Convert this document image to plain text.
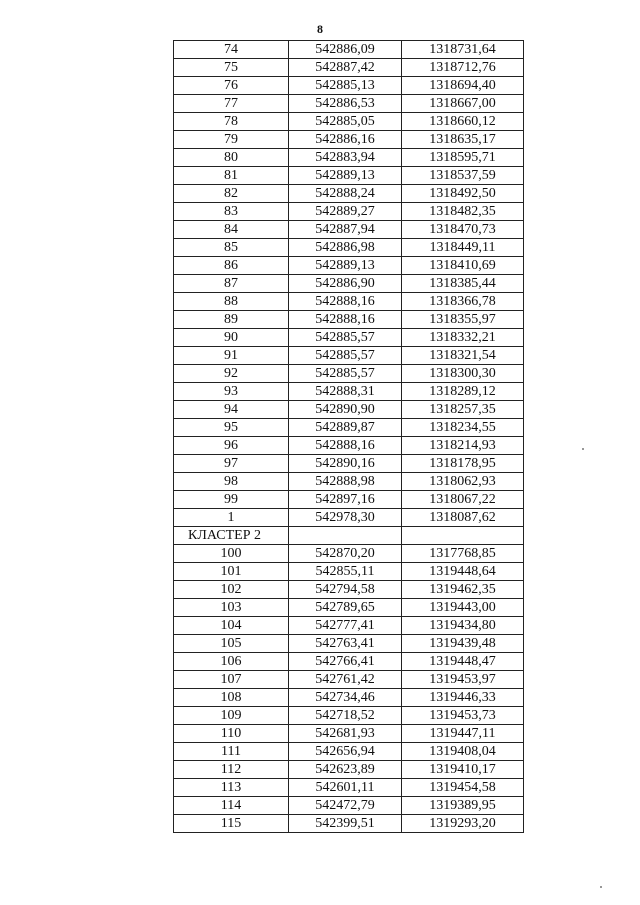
8
74	542886,09	1318731,64
75	542887,42	1318712,76
76	542885,13	1318694,40
77	542886,53	1318667,00
78	542885,05	1318660,12
79	542886,16	1318635,17
80	542883,94	1318595,71
81	542889,13	1318537,59
82	542888,24	1318492,50
83	542889,27	1318482,35
84	542887,94	1318470,73
85	542886,98	1318449,11
86	542889,13	1318410,69
87	542886,90	1318385,44
88	542888,16	1318366,78
89	542888,16	1318355,97
90	542885,57	1318332,21
91	542885,57	1318321,54
92	542885,57	1318300,30
93	542888,31	1318289,12
94	542890,90	1318257,35
95	542889,87	1318234,55
96	542888,16	1318214,93
97	542890,16	1318178,95
98	542888,98	1318062,93
99	542897,16	1318067,22
1	542978,30	1318087,62
КЛАСТЕР 2		
100	542870,20	1317768,85
101	542855,11	1319448,64
102	542794,58	1319462,35
103	542789,65	1319443,00
104	542777,41	1319434,80
105	542763,41	1319439,48
106	542766,41	1319448,47
107	542761,42	1319453,97
108	542734,46	1319446,33
109	542718,52	1319453,73
110	542681,93	1319447,11
111	542656,94	1319408,04
112	542623,89	1319410,17
113	542601,11	1319454,58
114	542472,79	1319389,95
115	542399,51	1319293,20
